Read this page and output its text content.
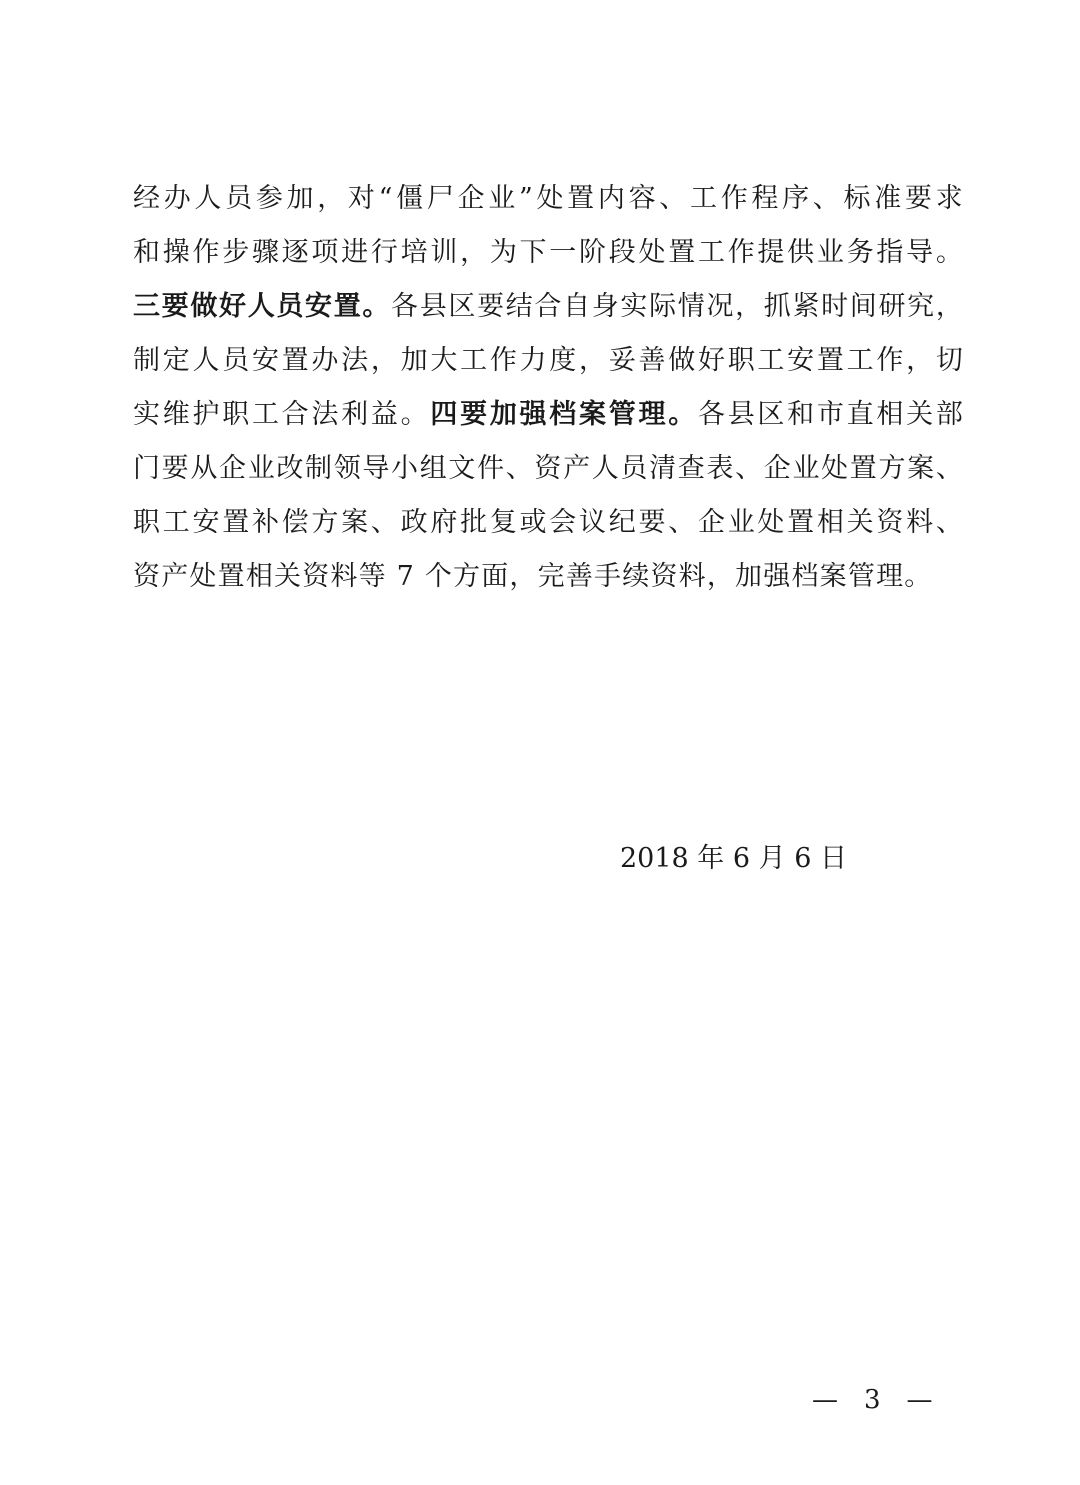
经 办 人 员 参 加 ， 对 “ 僵 尸 企 业 ” 处 置 内 容 、 工 作 程 序 、 标 准 要 求
和 操 作 步 骤 逐 项 进 行 培 训 ， 为 下 一 阶 段 处 置 工 作 提 供 业 务 指 导 。
三 要 做 好 人 员 安 置 。 各 县 区 要 结 合 自 身 实 际 情 况 ， 抓 紧 时 间 研 究 ，
制 定 人 员 安 置 办 法 ， 加 大 工 作 力 度 ， 妥 善 做 好 职 工 安 置 工 作 ， 切
实 维 护 职 工 合 法 利 益 。 四 要 加 强 档 案 管 理 。 各 县 区 和 市 直 相 关 部
门 要 从 企 业 改 制 领 导 小 组 文 件 、 资 产 人 员 清 查 表 、 企 业 处 置 方 案 、
职 工 安 置 补 偿 方 案 、 政 府 批 复 或 会 议 纪 要 、 企 业 处 置 相 关 资 料 、
资产处置相关资料等 7 个方面，完善手续资料，加强档案管理。
2018 年 6 月 6 日
—　3　—
